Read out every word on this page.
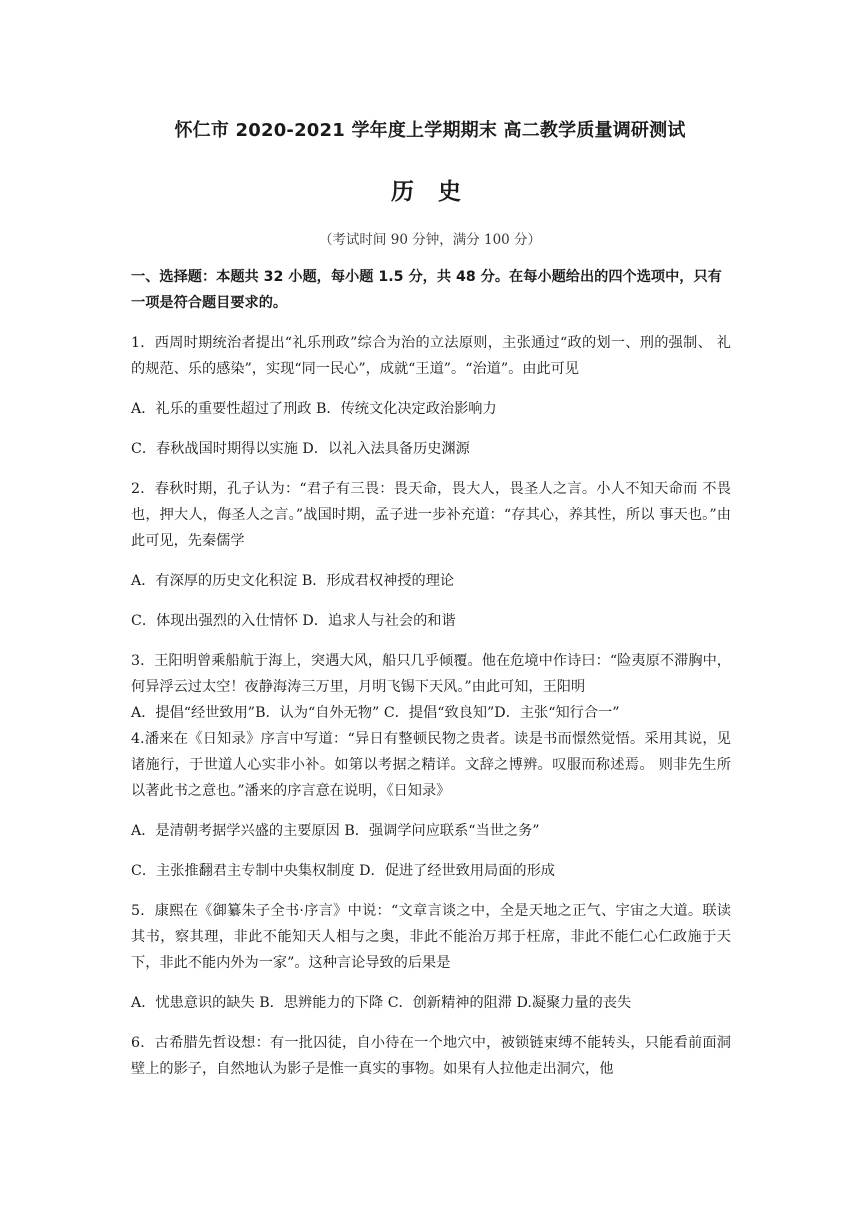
怀仁市 2020-2021 学年度上学期期末 高二教学质量调研测试
历 史
（考试时间 90 分钟，满分 100 分）
一、选择题：本题共 32 小题，每小题 1.5 分，共 48 分。在每小题给出的四个选项中，只有一项是符合题目要求的。
1．西周时期统治者提出“礼乐刑政”综合为治的立法原则，主张通过“政的划一、刑的强制、 礼的规范、乐的感染”，实现“同一民心”，成就“王道”。“治道”。由此可见
A．礼乐的重要性超过了刑政 B．传统文化决定政治影响力
C．春秋战国时期得以实施 D．以礼入法具备历史渊源
2．春秋时期，孔子认为：“君子有三畏：畏天命，畏大人，畏圣人之言。小人不知天命而 不畏也，押大人，侮圣人之言。”战国时期，孟子进一步补充道：“存其心，养其性，所以 事天也。”由此可见，先秦儒学
A．有深厚的历史文化积淀 B．形成君权神授的理论
C．体现出强烈的入仕情怀 D．追求人与社会的和谐
3．王阳明曾乘船航于海上，突遇大风，船只几乎倾覆。他在危境中作诗曰：“险夷原不滞胸中，何异浮云过太空！夜静海涛三万里，月明飞锡下天风。”由此可知，王阳明
A．提倡“经世致用”B．认为“自外无物” C．提倡“致良知”D．主张“知行合一”
4.潘来在《日知录》序言中写道：“异日有整顿民物之贵者。读是书而憬然觉悟。采用其说，见诸施行，于世道人心实非小补。如第以考据之精详。文辞之博辨。叹服而称述焉。 则非先生所以著此书之意也。”潘来的序言意在说明，《日知录》
A．是清朝考据学兴盛的主要原因 B．强调学问应联系“当世之务”
C．主张推翻君主专制中央集权制度 D．促进了经世致用局面的形成
5．康熙在《御纂朱子全书·序言》中说：“文章言谈之中，全是天地之正气、宇宙之大道。联读其书，察其理，非此不能知天人相与之奥，非此不能治万邦于枉席，非此不能仁心仁政施于天下，非此不能内外为一家”。这种言论导致的后果是
A．忧患意识的缺失 B．思辨能力的下降 C．创新精神的阻滞 D.凝聚力量的丧失
6．古希腊先哲设想：有一批囚徒，自小待在一个地穴中，被锁链束缚不能转头，只能看前面洞壁上的影子，自然地认为影子是惟一真实的事物。如果有人拉他走出洞穴，他
